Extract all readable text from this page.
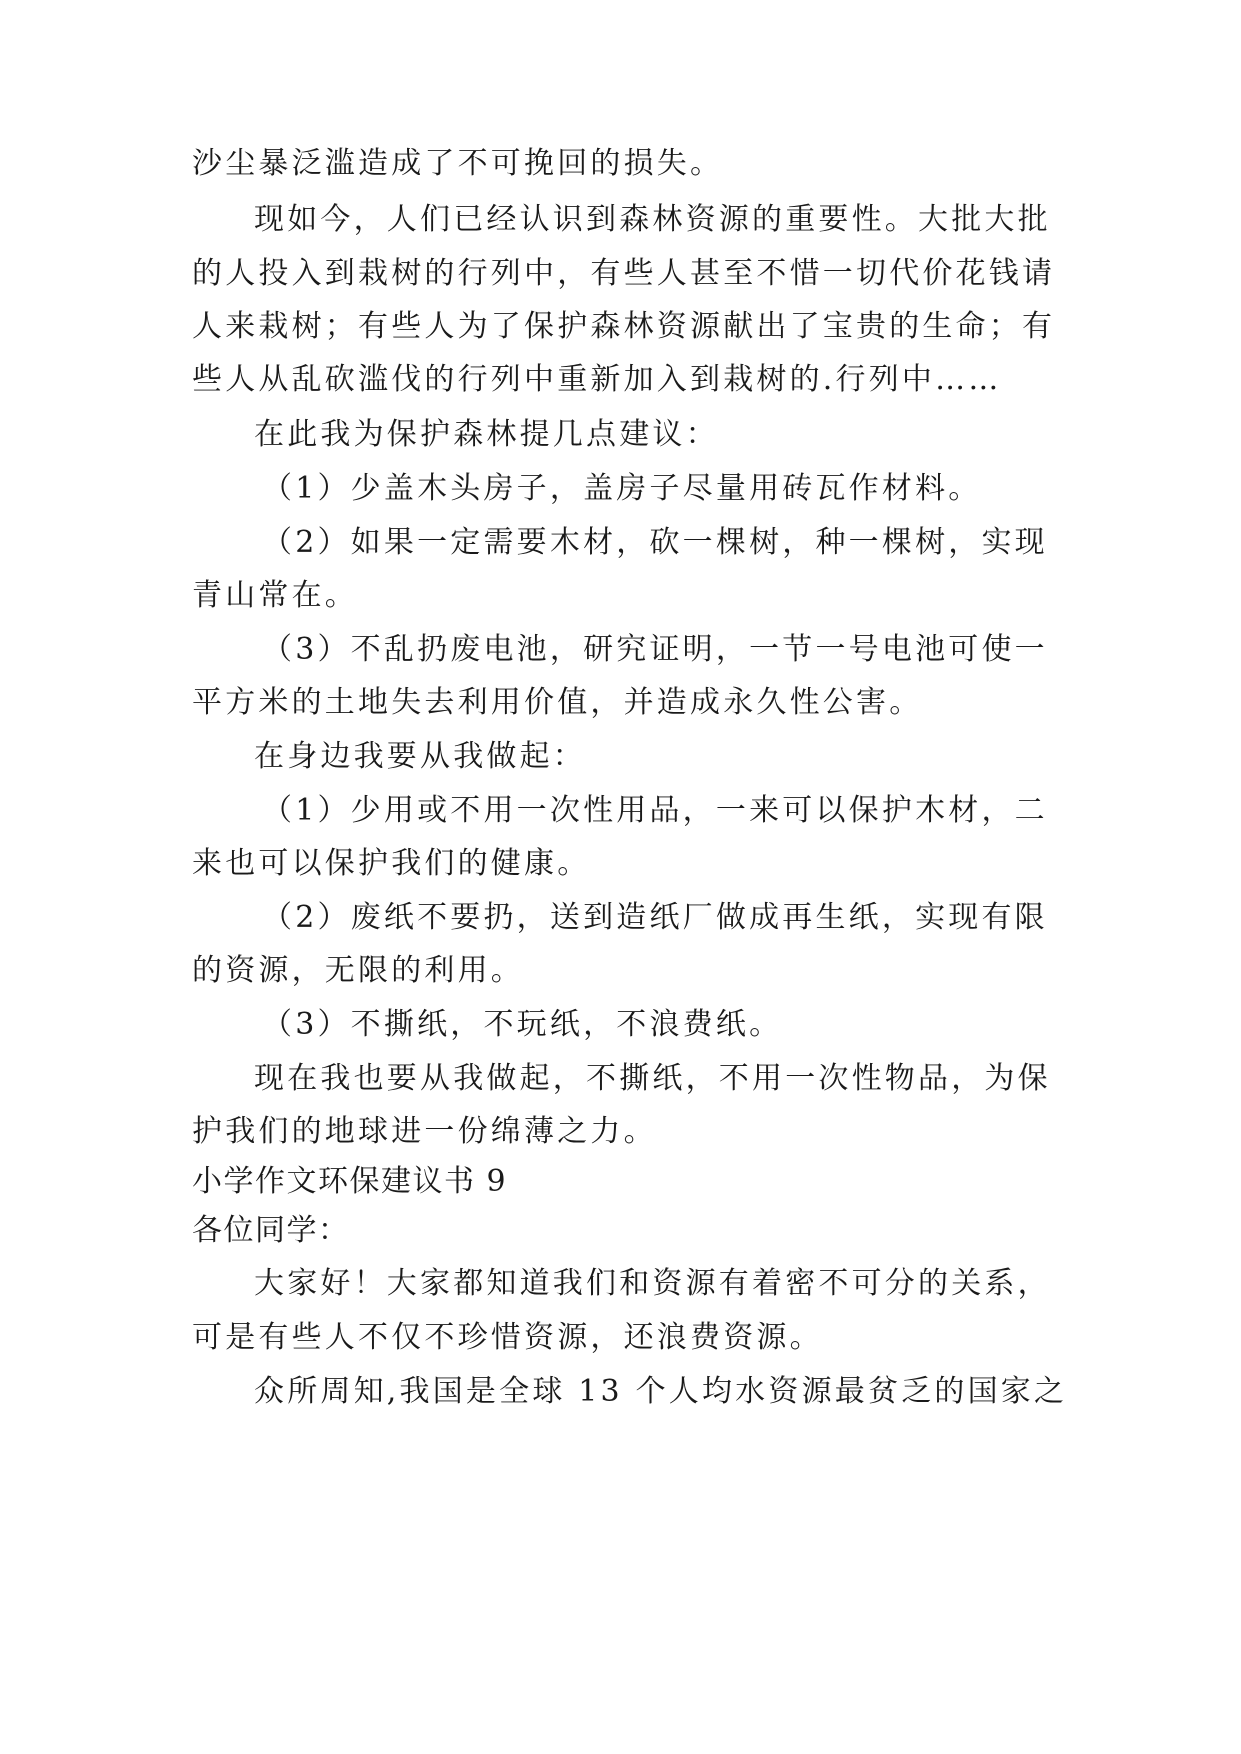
沙尘暴泛滥造成了不可挽回的损失。
现如今，人们已经认识到森林资源的重要性。大批大批
的人投入到栽树的行列中，有些人甚至不惜一切代价花钱请
人来栽树；有些人为了保护森林资源献出了宝贵的生命；有
些人从乱砍滥伐的行列中重新加入到栽树的.行列中……
在此我为保护森林提几点建议：
（1）少盖木头房子，盖房子尽量用砖瓦作材料。
（2）如果一定需要木材，砍一棵树，种一棵树，实现
青山常在。
（3）不乱扔废电池，研究证明，一节一号电池可使一
平方米的土地失去利用价值，并造成永久性公害。
在身边我要从我做起：
（1）少用或不用一次性用品，一来可以保护木材，二
来也可以保护我们的健康。
（2）废纸不要扔，送到造纸厂做成再生纸，实现有限
的资源，无限的利用。
（3）不撕纸，不玩纸，不浪费纸。
现在我也要从我做起，不撕纸，不用一次性物品，为保
护我们的地球进一份绵薄之力。
小学作文环保建议书 9
各位同学：
大家好！大家都知道我们和资源有着密不可分的关系，
可是有些人不仅不珍惜资源，还浪费资源。
众所周知,我国是全球 13 个人均水资源最贫乏的国家之
